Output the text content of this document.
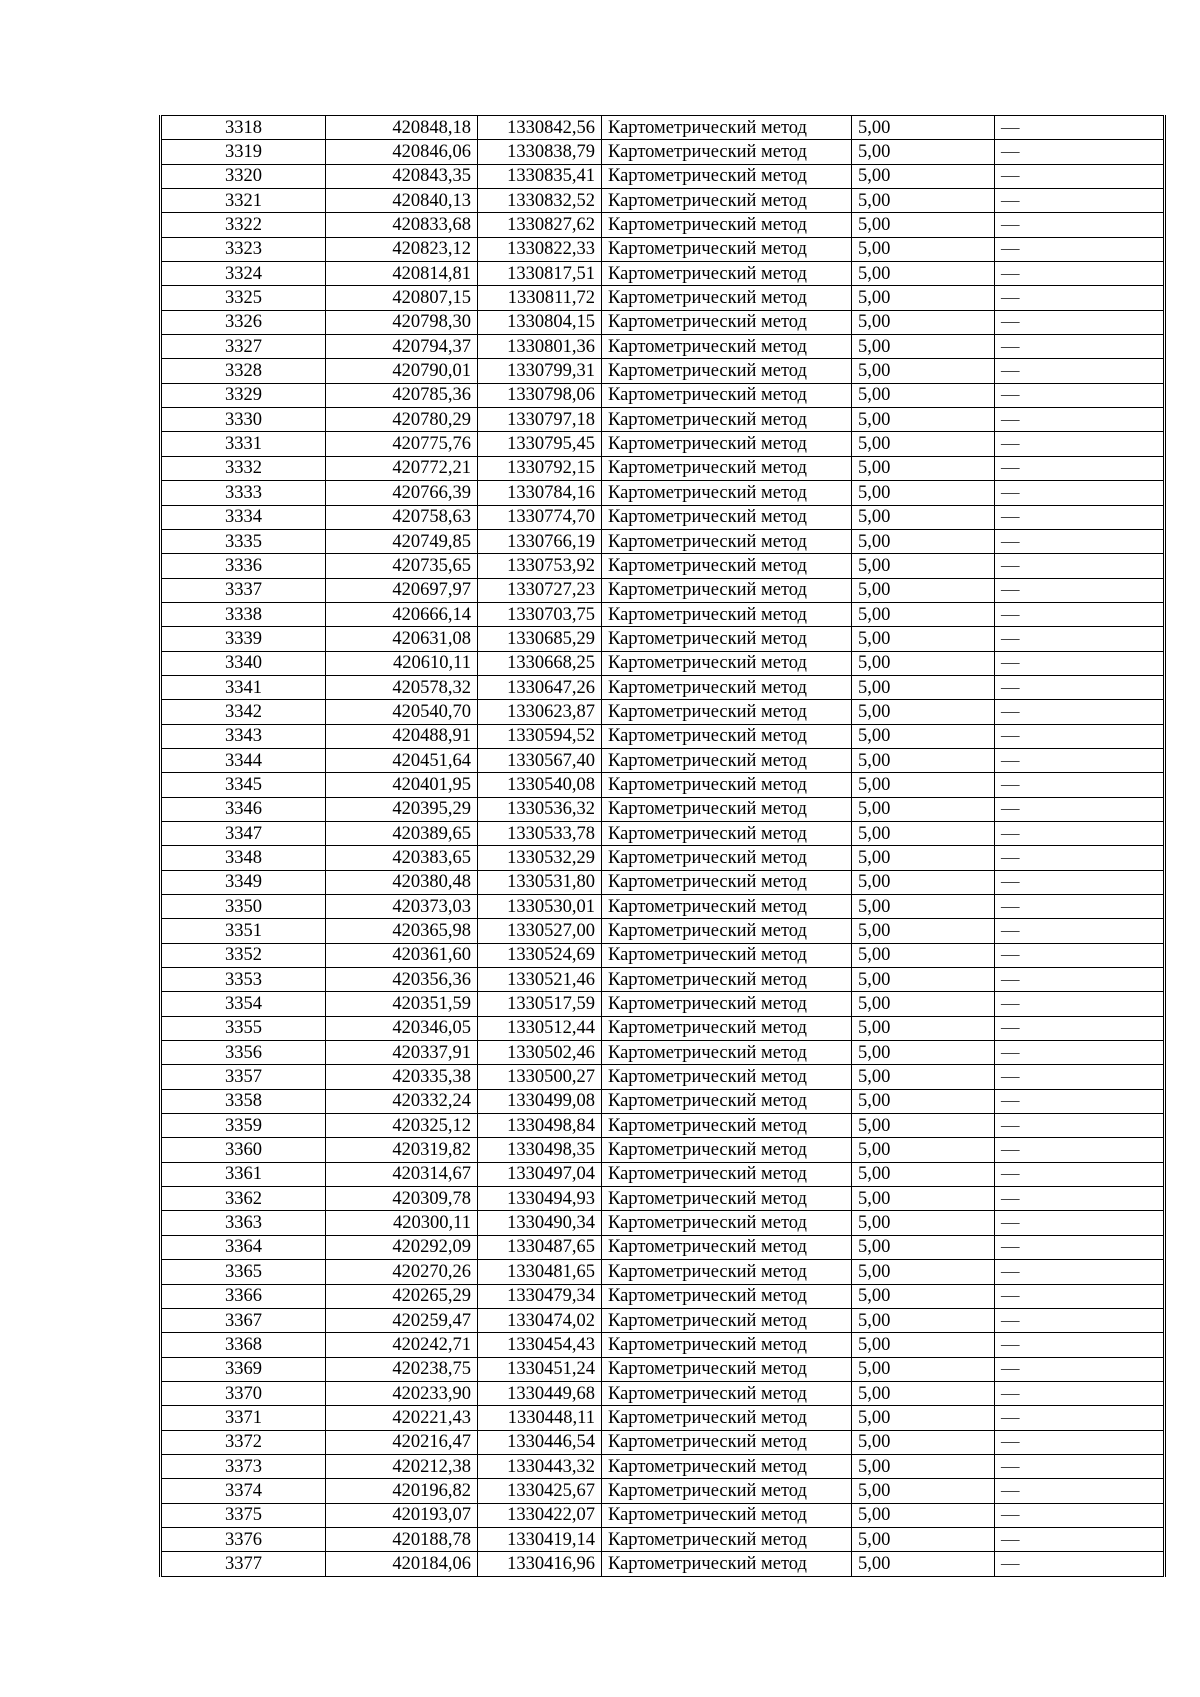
3318	420848,18	1330842,56	Картометрический метод	5,00	—
3319	420846,06	1330838,79	Картометрический метод	5,00	—
3320	420843,35	1330835,41	Картометрический метод	5,00	—
3321	420840,13	1330832,52	Картометрический метод	5,00	—
3322	420833,68	1330827,62	Картометрический метод	5,00	—
3323	420823,12	1330822,33	Картометрический метод	5,00	—
3324	420814,81	1330817,51	Картометрический метод	5,00	—
3325	420807,15	1330811,72	Картометрический метод	5,00	—
3326	420798,30	1330804,15	Картометрический метод	5,00	—
3327	420794,37	1330801,36	Картометрический метод	5,00	—
3328	420790,01	1330799,31	Картометрический метод	5,00	—
3329	420785,36	1330798,06	Картометрический метод	5,00	—
3330	420780,29	1330797,18	Картометрический метод	5,00	—
3331	420775,76	1330795,45	Картометрический метод	5,00	—
3332	420772,21	1330792,15	Картометрический метод	5,00	—
3333	420766,39	1330784,16	Картометрический метод	5,00	—
3334	420758,63	1330774,70	Картометрический метод	5,00	—
3335	420749,85	1330766,19	Картометрический метод	5,00	—
3336	420735,65	1330753,92	Картометрический метод	5,00	—
3337	420697,97	1330727,23	Картометрический метод	5,00	—
3338	420666,14	1330703,75	Картометрический метод	5,00	—
3339	420631,08	1330685,29	Картометрический метод	5,00	—
3340	420610,11	1330668,25	Картометрический метод	5,00	—
3341	420578,32	1330647,26	Картометрический метод	5,00	—
3342	420540,70	1330623,87	Картометрический метод	5,00	—
3343	420488,91	1330594,52	Картометрический метод	5,00	—
3344	420451,64	1330567,40	Картометрический метод	5,00	—
3345	420401,95	1330540,08	Картометрический метод	5,00	—
3346	420395,29	1330536,32	Картометрический метод	5,00	—
3347	420389,65	1330533,78	Картометрический метод	5,00	—
3348	420383,65	1330532,29	Картометрический метод	5,00	—
3349	420380,48	1330531,80	Картометрический метод	5,00	—
3350	420373,03	1330530,01	Картометрический метод	5,00	—
3351	420365,98	1330527,00	Картометрический метод	5,00	—
3352	420361,60	1330524,69	Картометрический метод	5,00	—
3353	420356,36	1330521,46	Картометрический метод	5,00	—
3354	420351,59	1330517,59	Картометрический метод	5,00	—
3355	420346,05	1330512,44	Картометрический метод	5,00	—
3356	420337,91	1330502,46	Картометрический метод	5,00	—
3357	420335,38	1330500,27	Картометрический метод	5,00	—
3358	420332,24	1330499,08	Картометрический метод	5,00	—
3359	420325,12	1330498,84	Картометрический метод	5,00	—
3360	420319,82	1330498,35	Картометрический метод	5,00	—
3361	420314,67	1330497,04	Картометрический метод	5,00	—
3362	420309,78	1330494,93	Картометрический метод	5,00	—
3363	420300,11	1330490,34	Картометрический метод	5,00	—
3364	420292,09	1330487,65	Картометрический метод	5,00	—
3365	420270,26	1330481,65	Картометрический метод	5,00	—
3366	420265,29	1330479,34	Картометрический метод	5,00	—
3367	420259,47	1330474,02	Картометрический метод	5,00	—
3368	420242,71	1330454,43	Картометрический метод	5,00	—
3369	420238,75	1330451,24	Картометрический метод	5,00	—
3370	420233,90	1330449,68	Картометрический метод	5,00	—
3371	420221,43	1330448,11	Картометрический метод	5,00	—
3372	420216,47	1330446,54	Картометрический метод	5,00	—
3373	420212,38	1330443,32	Картометрический метод	5,00	—
3374	420196,82	1330425,67	Картометрический метод	5,00	—
3375	420193,07	1330422,07	Картометрический метод	5,00	—
3376	420188,78	1330419,14	Картометрический метод	5,00	—
3377	420184,06	1330416,96	Картометрический метод	5,00	—
